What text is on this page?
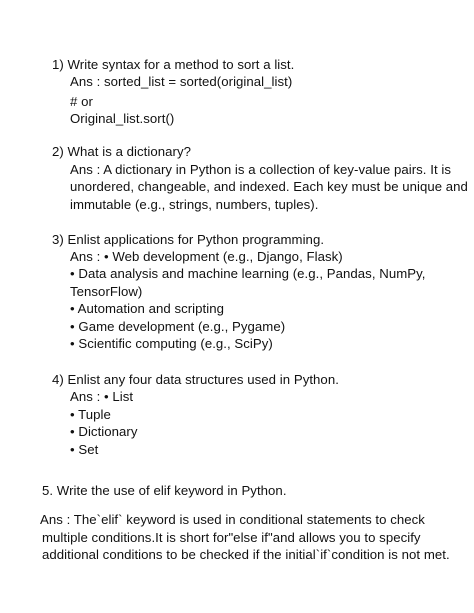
1) Write syntax for a method to sort a list.
Ans : sorted_list = sorted(original_list)
# or
Original_list.sort()
2) What is a dictionary?
Ans : A dictionary in Python is a collection of key-value pairs. It is
unordered, changeable, and indexed. Each key must be unique and
immutable (e.g., strings, numbers, tuples).
3) Enlist applications for Python programming.
Ans : • Web development (e.g., Django, Flask)
• Data analysis and machine learning (e.g., Pandas, NumPy,
TensorFlow)
• Automation and scripting
• Game development (e.g., Pygame)
• Scientific computing (e.g., SciPy)
4) Enlist any four data structures used in Python.
Ans : • List
• Tuple
• Dictionary
• Set
5. Write the use of elif keyword in Python.
Ans : The`elif` keyword is used in conditional statements to check
multiple conditions.It is short for"else if"and allows you to specify
additional conditions to be checked if the initial`if`condition is not met.
